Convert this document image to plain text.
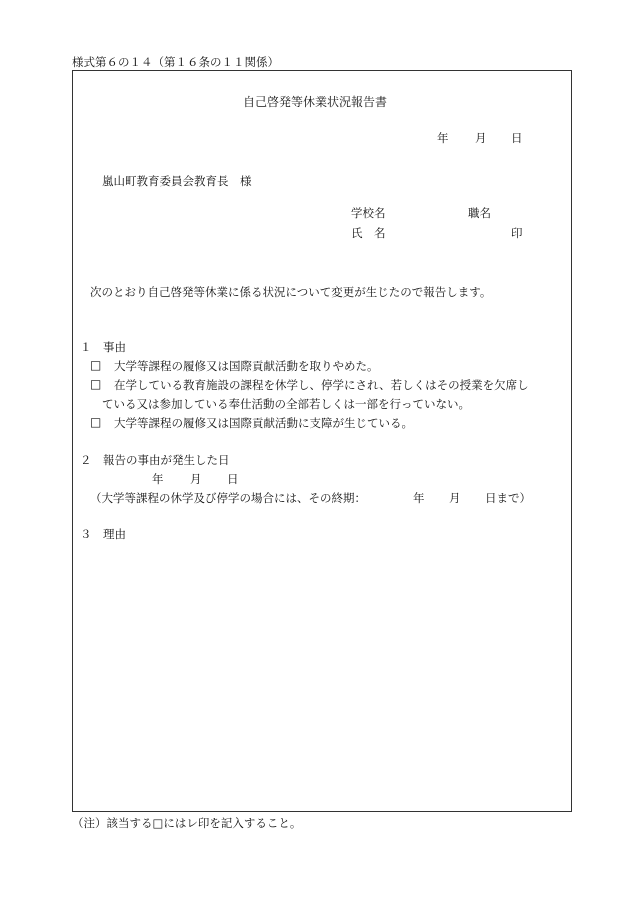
様式第６の１４（第１６条の１１関係）
自己啓発等休業状況報告書
年 月 日
嵐山町教育委員会教育長　様
学校名	職名
氏　名	印
次のとおり自己啓発等休業に係る状況について変更が生じたので報告します。
１　事由
□ 大学等課程の履修又は国際貢献活動を取りやめた。
□ 在学している教育施設の課程を休学し、停学にされ、若しくはその授業を欠席し
ている又は参加している奉仕活動の全部若しくは一部を行っていない。
□ 大学等課程の履修又は国際貢献活動に支障が生じている。
２　報告の事由が発生した日
年 月 日
（大学等課程の休学及び停学の場合には、その終期：	年 月 日まで）
３　理由
（注）該当する□にはレ印を記入すること。
